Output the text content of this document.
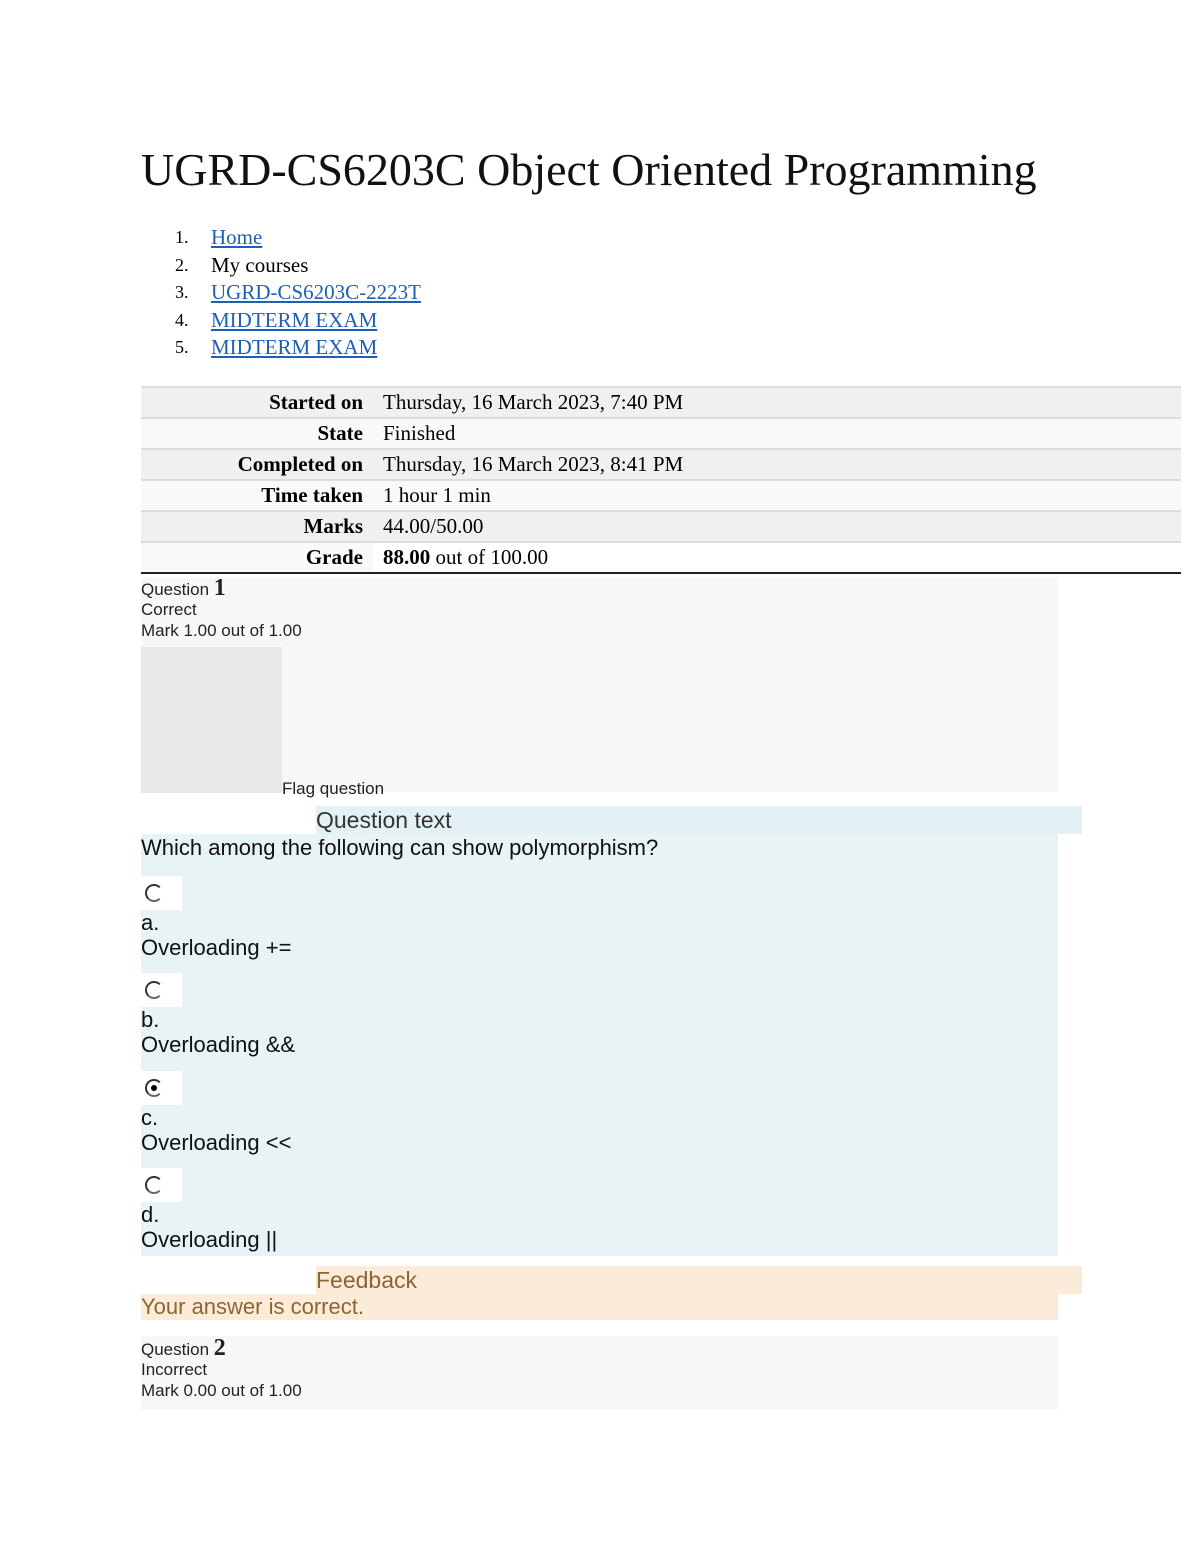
UGRD-CS6203C Object Oriented Programming
1. Home
2. My courses
3. UGRD-CS6203C-2223T
4. MIDTERM EXAM
5. MIDTERM EXAM
Started on	Thursday, 16 March 2023, 7:40 PM
State	Finished
Completed on	Thursday, 16 March 2023, 8:41 PM
Time taken	1 hour 1 min
Marks	44.00/50.00
Grade	88.00 out of 100.00
Question 1
Correct
Mark 1.00 out of 1.00
Flag question
Question text
Which among the following can show polymorphism?
a.
Overloading +=
b.
Overloading &&
c.
Overloading <<
d.
Overloading ||
Feedback
Your answer is correct.
Question 2
Incorrect
Mark 0.00 out of 1.00
